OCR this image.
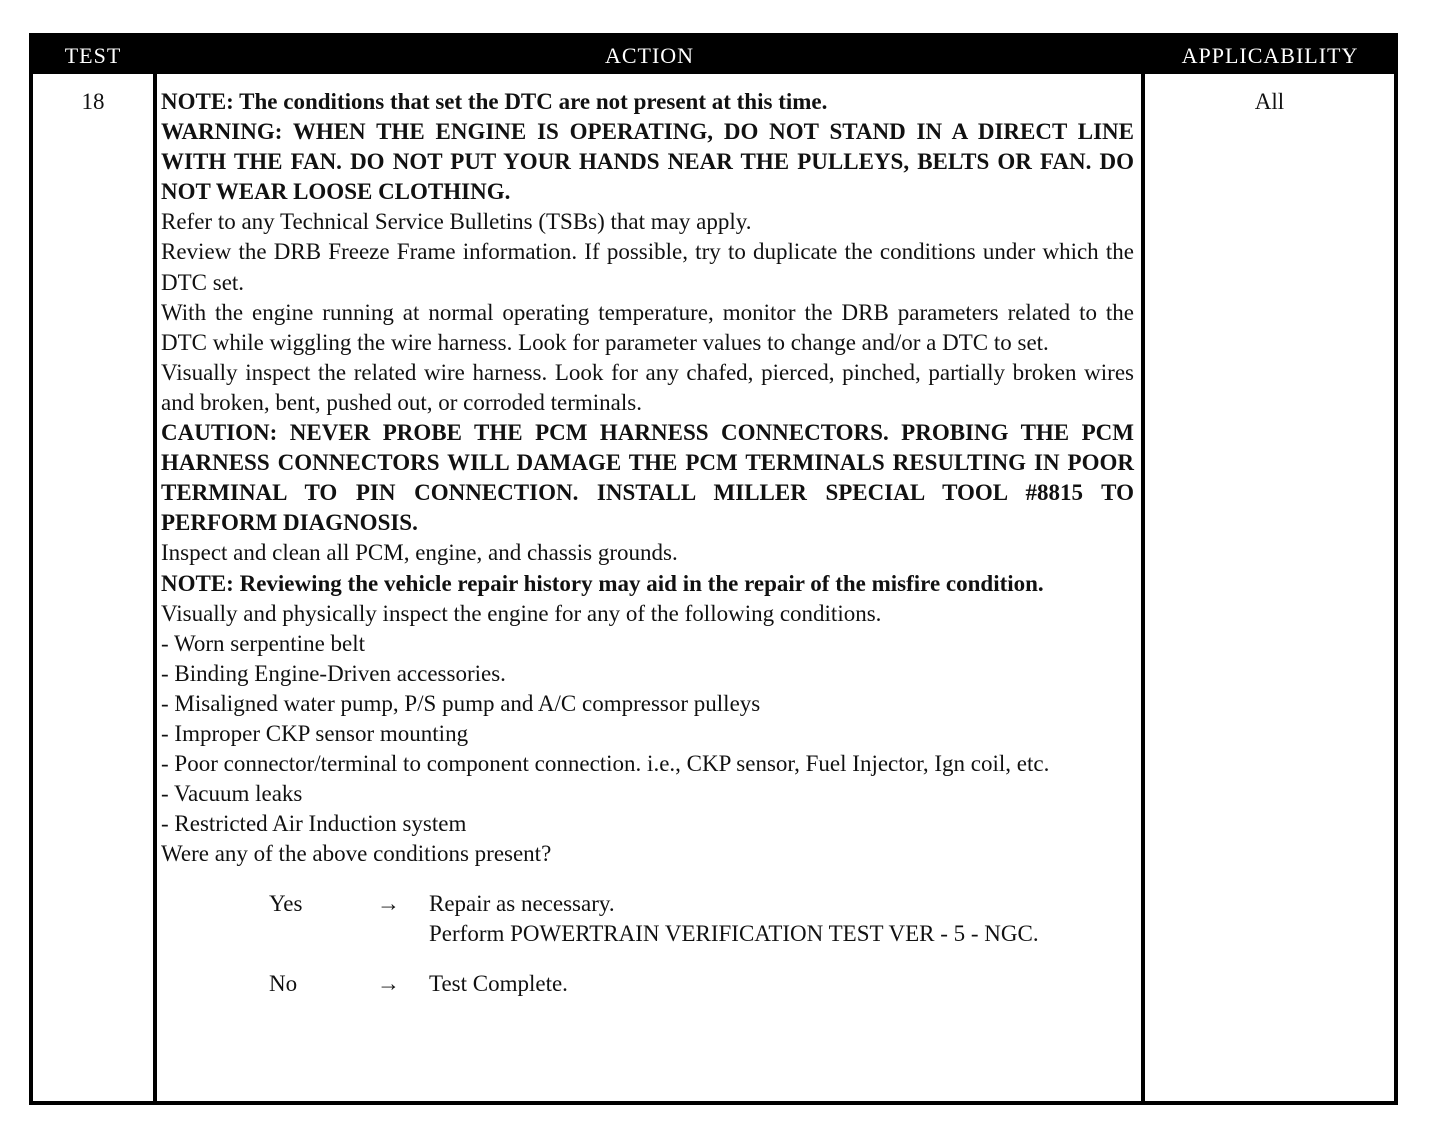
TEST	ACTION	APPLICABILITY
18	NOTE: The conditions that set the DTC are not present at this time.

WARNING: WHEN THE ENGINE IS OPERATING, DO NOT STAND IN A DIRECT LINE WITH THE FAN. DO NOT PUT YOUR HANDS NEAR THE PULLEYS, BELTS OR FAN. DO NOT WEAR LOOSE CLOTHING.

Refer to any Technical Service Bulletins (TSBs) that may apply.

Review the DRB Freeze Frame information. If possible, try to duplicate the conditions under which the DTC set.

With the engine running at normal operating temperature, monitor the DRB parameters related to the DTC while wiggling the wire harness. Look for parameter values to change and/or a DTC to set.

Visually inspect the related wire harness. Look for any chafed, pierced, pinched, partially broken wires and broken, bent, pushed out, or corroded terminals.

CAUTION: NEVER PROBE THE PCM HARNESS CONNECTORS. PROBING THE PCM HARNESS CONNECTORS WILL DAMAGE THE PCM TERMINALS RESULTING IN POOR TERMINAL TO PIN CONNECTION. INSTALL MILLER SPECIAL TOOL #8815 TO PERFORM DIAGNOSIS.

Inspect and clean all PCM, engine, and chassis grounds.

NOTE: Reviewing the vehicle repair history may aid in the repair of the misfire condition.

Visually and physically inspect the engine for any of the following conditions.

- Worn serpentine belt

- Binding Engine-Driven accessories.

- Misaligned water pump, P/S pump and A/C compressor pulleys

- Improper CKP sensor mounting

- Poor connector/terminal to component connection. i.e., CKP sensor, Fuel Injector, Ign coil, etc.

- Vacuum leaks

- Restricted Air Induction system

Were any of the above conditions present?

Yes	→	Repair as necessary.
Perform POWERTRAIN VERIFICATION TEST VER - 5 - NGC.
No	→	Test Complete.
All
